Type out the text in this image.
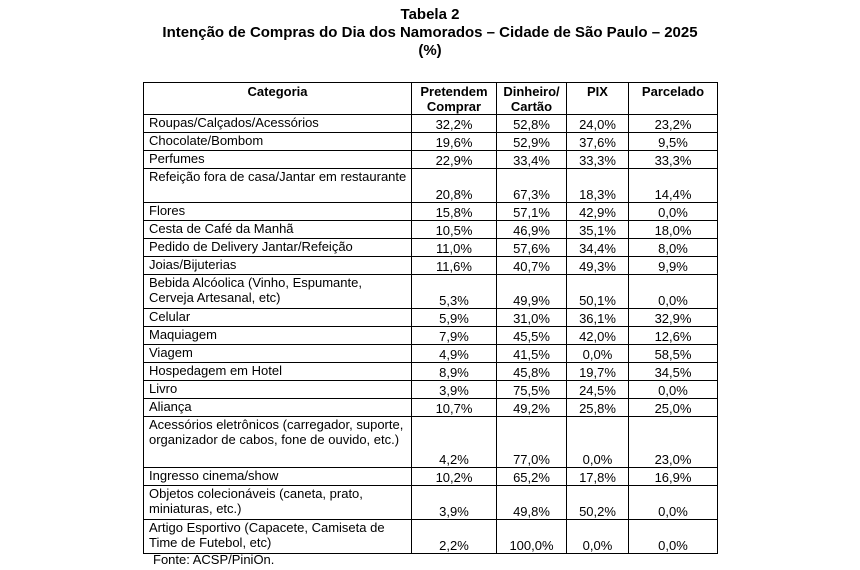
Tabela 2
Intenção de Compras do Dia dos Namorados – Cidade de São Paulo – 2025
(%)
Categoria	Pretendem Comprar	Dinheiro/ Cartão	PIX	Parcelado
Roupas/Calçados/Acessórios	32,2%	52,8%	24,0%	23,2%
Chocolate/Bombom	19,6%	52,9%	37,6%	9,5%
Perfumes	22,9%	33,4%	33,3%	33,3%
Refeição fora de casa/Jantar em restaurante	20,8%	67,3%	18,3%	14,4%
Flores	15,8%	57,1%	42,9%	0,0%
Cesta de Café da Manhã	10,5%	46,9%	35,1%	18,0%
Pedido de Delivery Jantar/Refeição	11,0%	57,6%	34,4%	8,0%
Joias/Bijuterias	11,6%	40,7%	49,3%	9,9%
Bebida Alcóolica (Vinho, Espumante, Cerveja Artesanal, etc)	5,3%	49,9%	50,1%	0,0%
Celular	5,9%	31,0%	36,1%	32,9%
Maquiagem	7,9%	45,5%	42,0%	12,6%
Viagem	4,9%	41,5%	0,0%	58,5%
Hospedagem em Hotel	8,9%	45,8%	19,7%	34,5%
Livro	3,9%	75,5%	24,5%	0,0%
Aliança	10,7%	49,2%	25,8%	25,0%
Acessórios eletrônicos (carregador, suporte, organizador de cabos, fone de ouvido, etc.)	4,2%	77,0%	0,0%	23,0%
Ingresso cinema/show	10,2%	65,2%	17,8%	16,9%
Objetos colecionáveis (caneta, prato, miniaturas, etc.)	3,9%	49,8%	50,2%	0,0%
Artigo Esportivo (Capacete, Camiseta de Time de Futebol, etc)	2,2%	100,0%	0,0%	0,0%
Fonte: ACSP/PiniOn.
